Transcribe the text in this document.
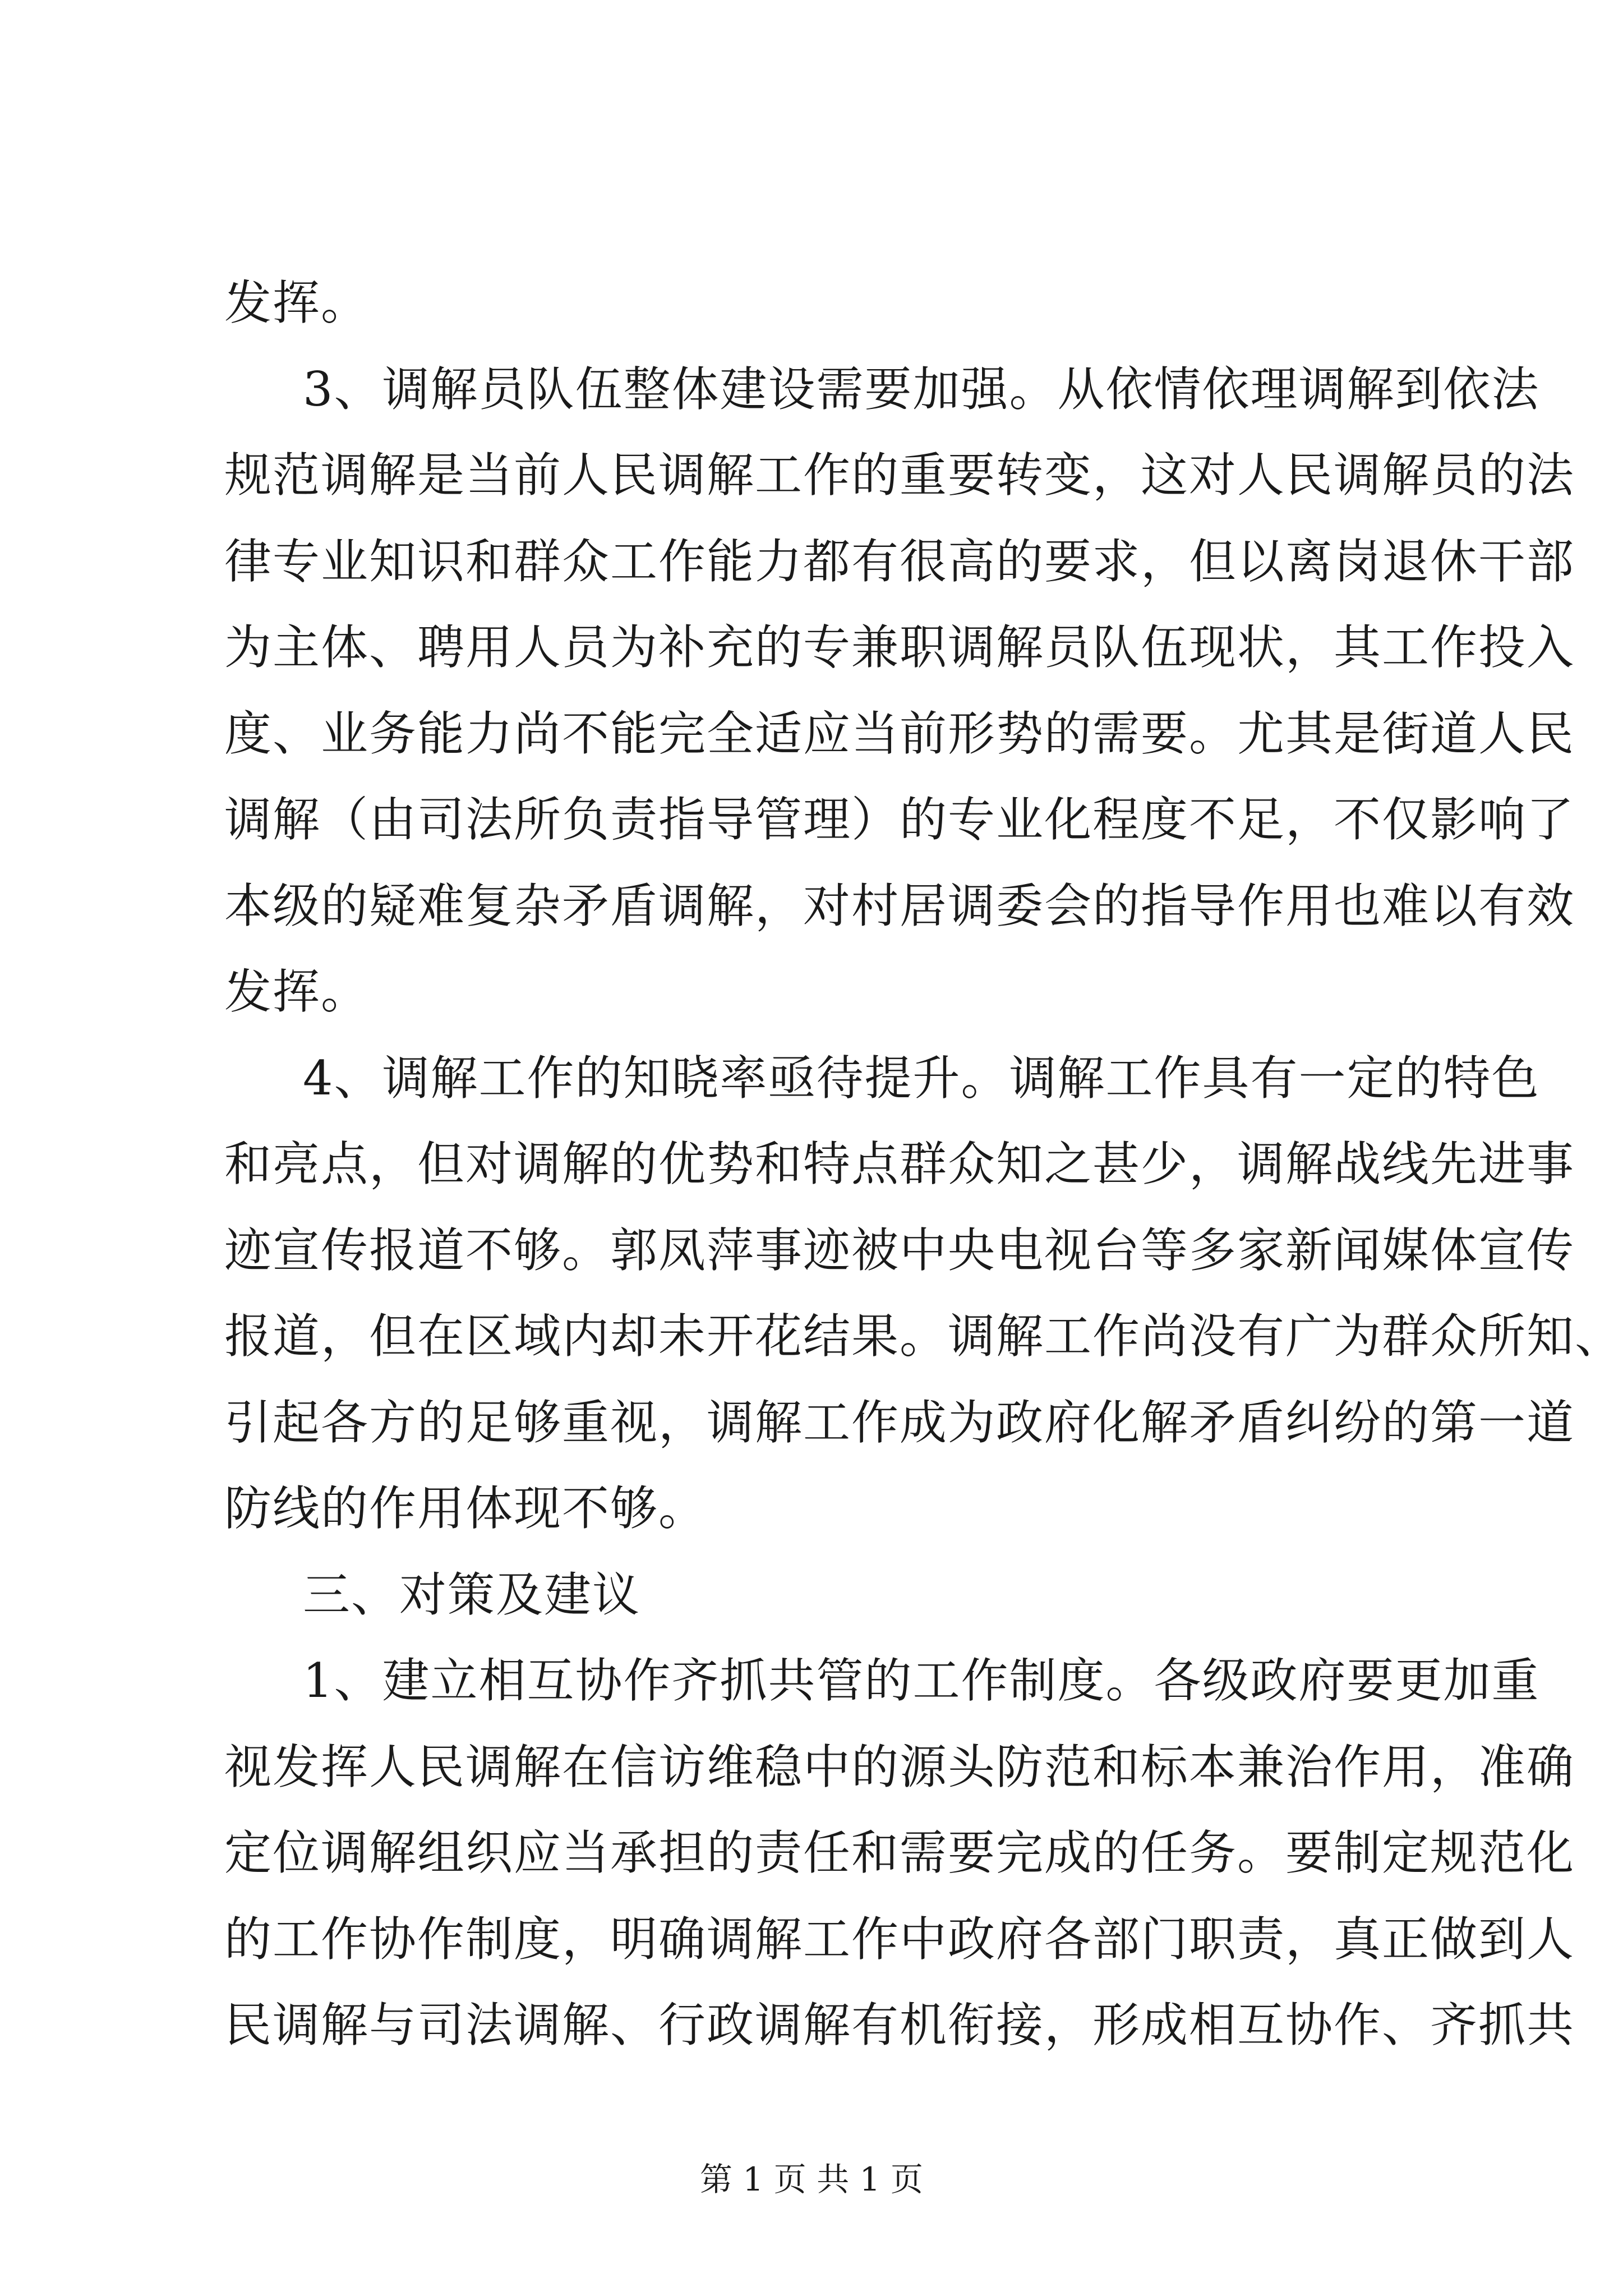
发挥。
3、调解员队伍整体建设需要加强。从依情依理调解到依法
规范调解是当前人民调解工作的重要转变，这对人民调解员的法
律专业知识和群众工作能力都有很高的要求，但以离岗退休干部
为主体、聘用人员为补充的专兼职调解员队伍现状，其工作投入
度、业务能力尚不能完全适应当前形势的需要。尤其是街道人民
调解（由司法所负责指导管理）的专业化程度不足，不仅影响了
本级的疑难复杂矛盾调解，对村居调委会的指导作用也难以有效
发挥。
4、调解工作的知晓率亟待提升。调解工作具有一定的特色
和亮点，但对调解的优势和特点群众知之甚少，调解战线先进事
迹宣传报道不够。郭凤萍事迹被中央电视台等多家新闻媒体宣传
报道，但在区域内却未开花结果。调解工作尚没有广为群众所知、
引起各方的足够重视，调解工作成为政府化解矛盾纠纷的第一道
防线的作用体现不够。
三、对策及建议
1、建立相互协作齐抓共管的工作制度。各级政府要更加重
视发挥人民调解在信访维稳中的源头防范和标本兼治作用，准确
定位调解组织应当承担的责任和需要完成的任务。要制定规范化
的工作协作制度，明确调解工作中政府各部门职责，真正做到人
民调解与司法调解、行政调解有机衔接，形成相互协作、齐抓共
第 1 页 共 1 页
